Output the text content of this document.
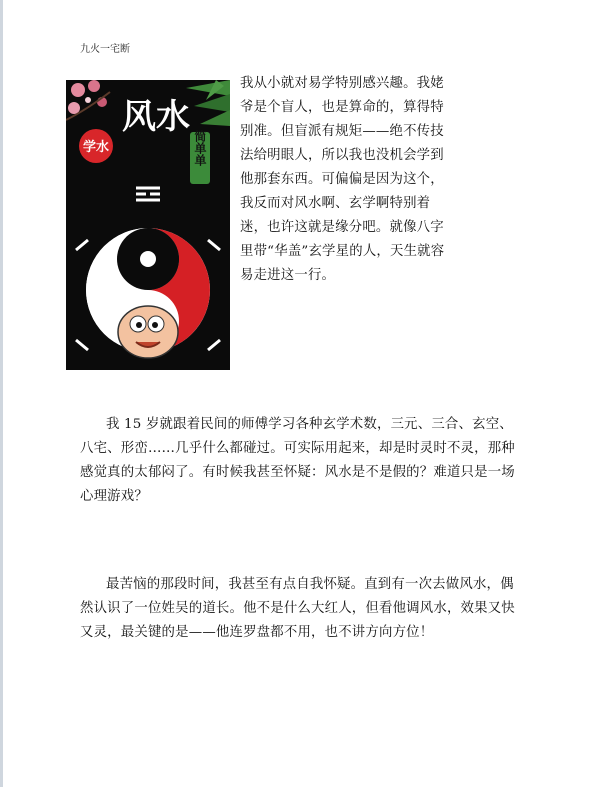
九火一宅断
风水
学水	简单单

我从小就对易学特别感兴趣。我姥爷是个盲人，也是算命的，算得特别准。但盲派有规矩——绝不传技法给明眼人，所以我也没机会学到他那套东西。可偏偏是因为这个，我反而对风水啊、玄学啊特别着迷，也许这就是缘分吧。就像八字里带“华盖”玄学星的人，天生就容易走进这一行。

我 15 岁就跟着民间的师傅学习各种玄学术数，三元、三合、玄空、八宅、形峦……几乎什么都碰过。可实际用起来，却是时灵时不灵，那种感觉真的太郁闷了。有时候我甚至怀疑：风水是不是假的？难道只是一场心理游戏？

最苦恼的那段时间，我甚至有点自我怀疑。直到有一次去做风水，偶然认识了一位姓吴的道长。他不是什么大红人，但看他调风水，效果又快又灵，最关键的是——他连罗盘都不用，也不讲方向方位！
